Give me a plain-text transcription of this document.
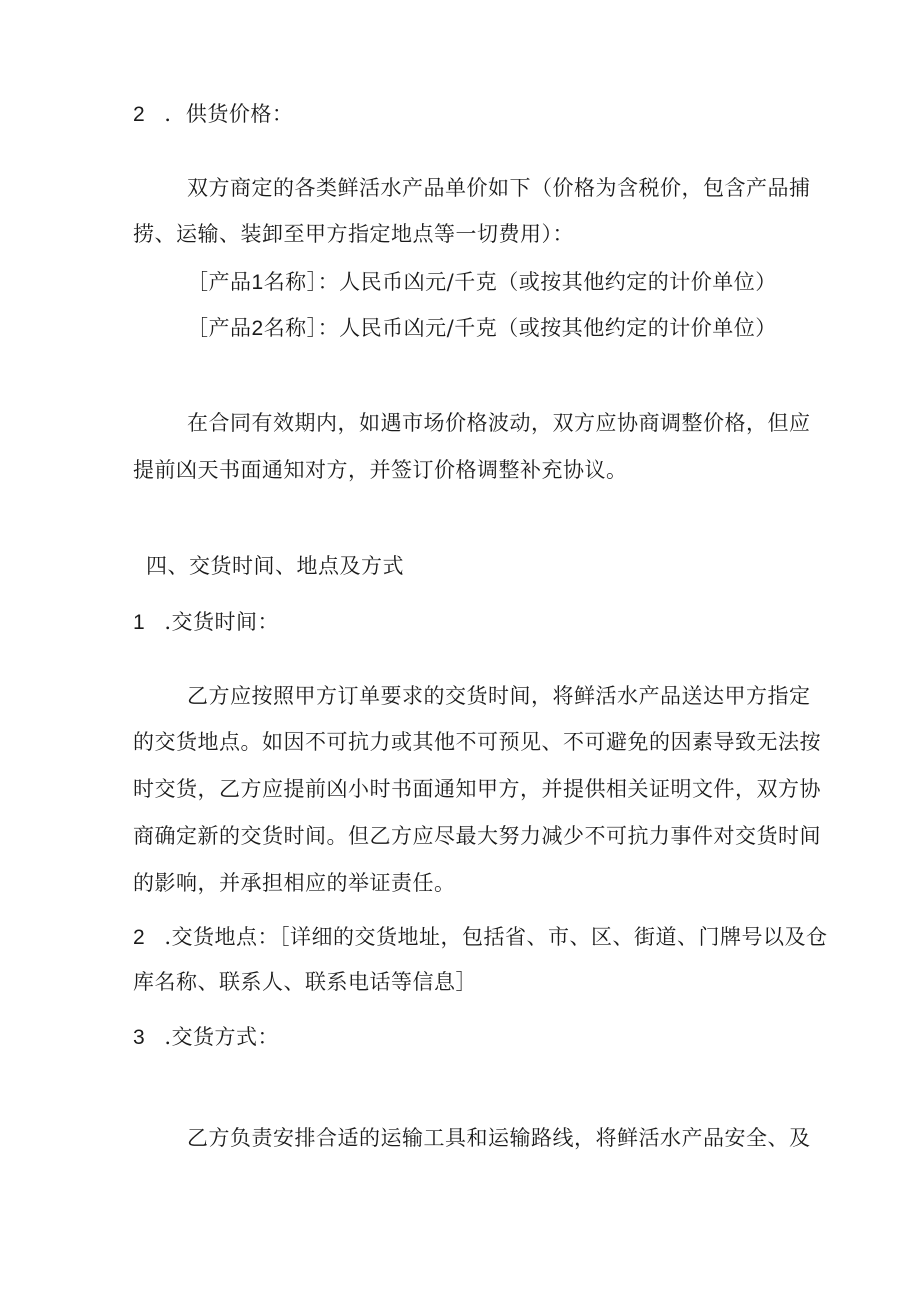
2 ．供货价格：
双方商定的各类鲜活水产品单价如下（价格为含税价，包含产品捕
捞、运输、装卸至甲方指定地点等一切费用）：
［产品1名称］：人民币凶元/千克（或按其他约定的计价单位）
［产品2名称］：人民币凶元/千克（或按其他约定的计价单位）
在合同有效期内，如遇市场价格波动，双方应协商调整价格，但应
提前凶天书面通知对方，并签订价格调整补充协议。
四、交货时间、地点及方式
1 .交货时间：
乙方应按照甲方订单要求的交货时间，将鲜活水产品送达甲方指定
的交货地点。如因不可抗力或其他不可预见、不可避免的因素导致无法按
时交货，乙方应提前凶小时书面通知甲方，并提供相关证明文件，双方协
商确定新的交货时间。但乙方应尽最大努力减少不可抗力事件对交货时间
的影响，并承担相应的举证责任。
2 .交货地点：［详细的交货地址，包括省、市、区、街道、门牌号以及仓
库名称、联系人、联系电话等信息］
3 .交货方式：
乙方负责安排合适的运输工具和运输路线，将鲜活水产品安全、及
